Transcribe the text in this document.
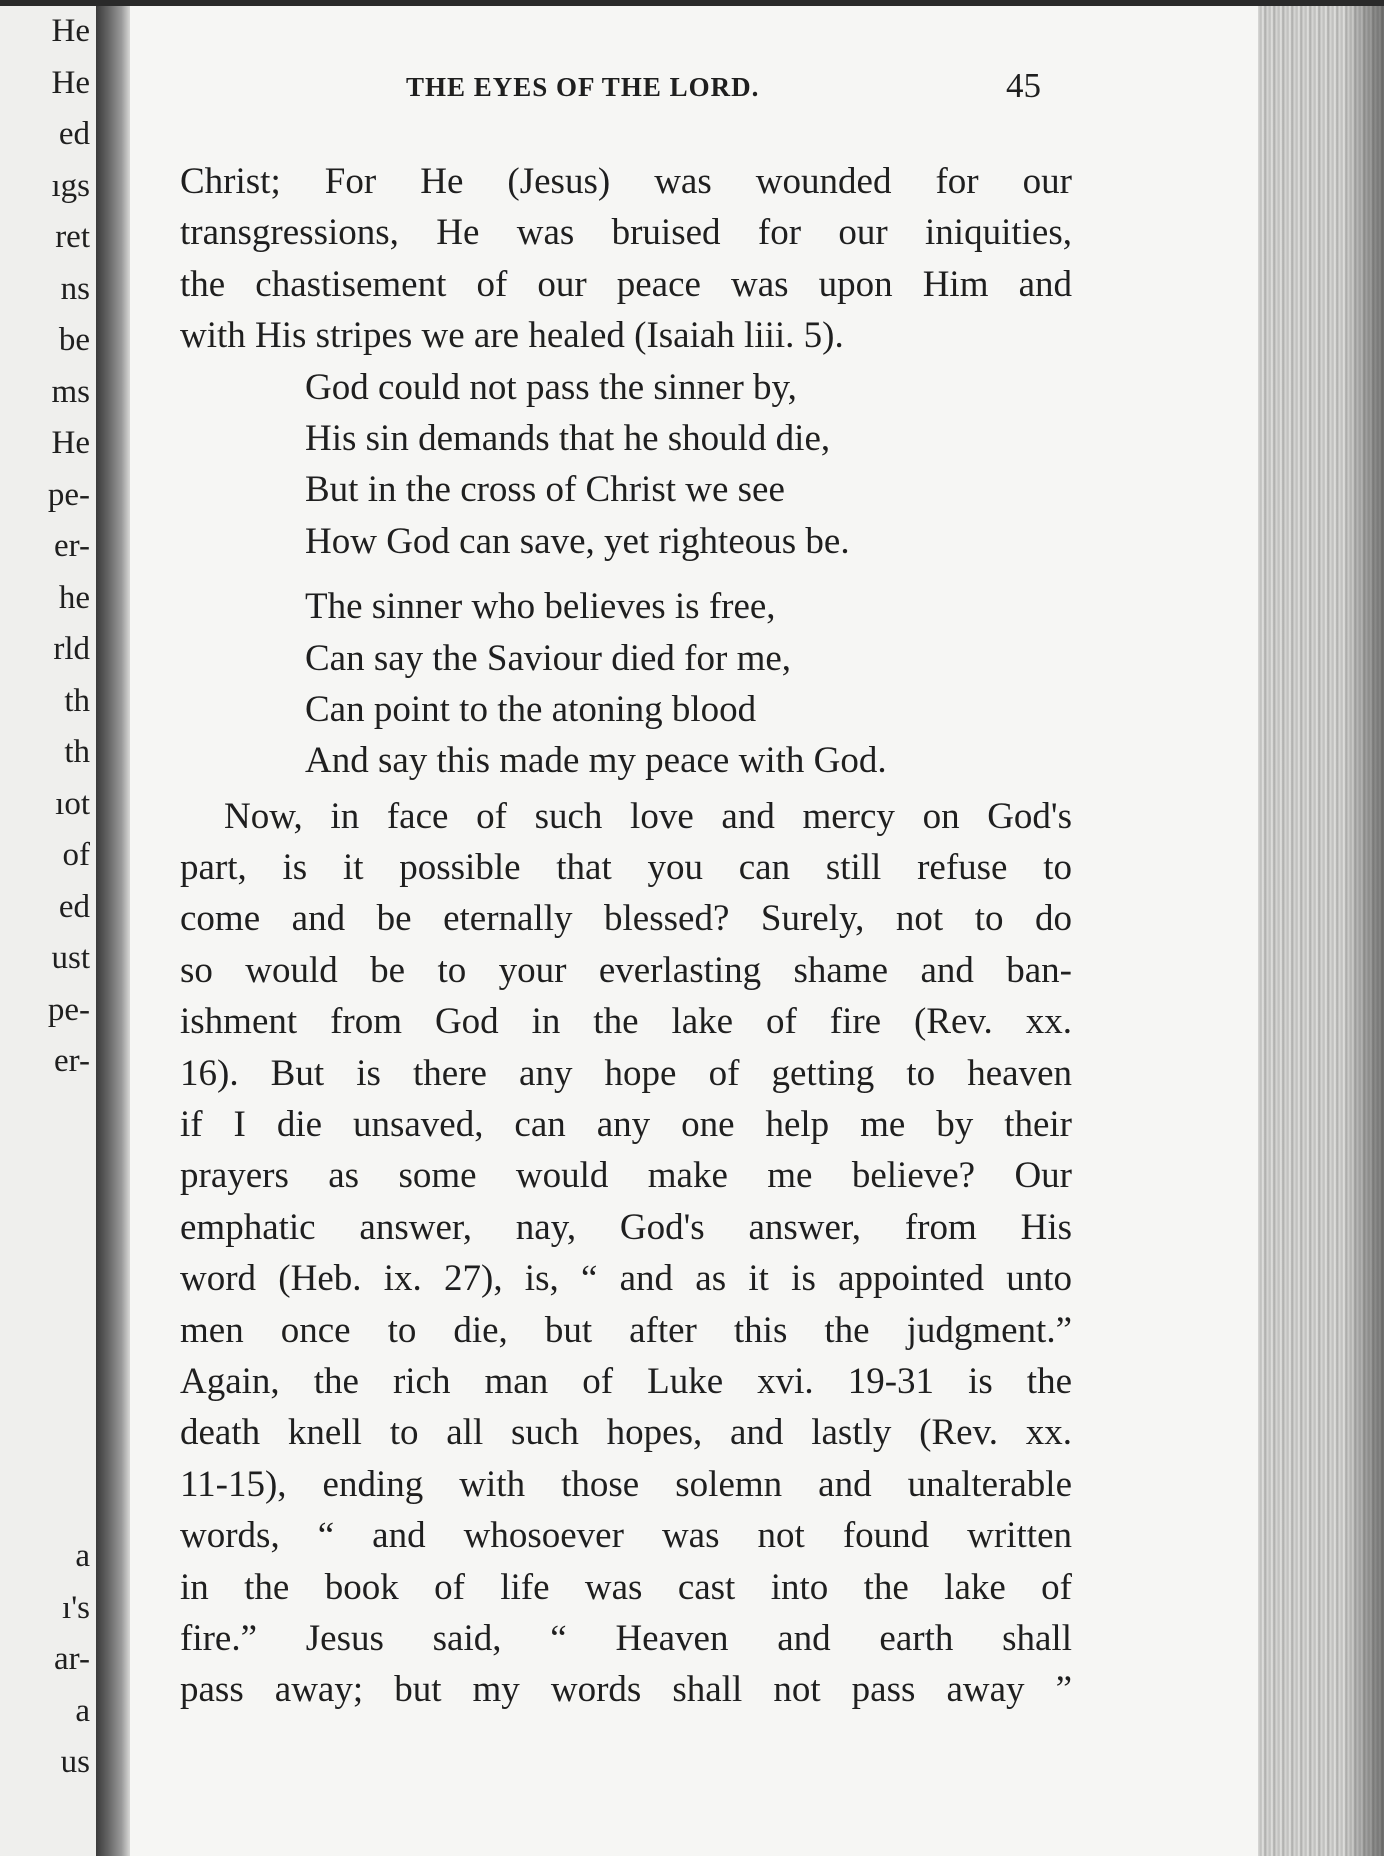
He
He
ed
ıgs
ret
ns
be
ms
He
pe-
er-
he
rld
th
th
ıot
of
ed
ust
pe-
er-
a
ı's
ar-
a
us
THE EYES OF THE LORD.	45
Christ; For He (Jesus) was wounded for our
transgressions, He was bruised for our iniquities,
the chastisement of our peace was upon Him and
with His stripes we are healed (Isaiah liii. 5).
God could not pass the sinner by,
His sin demands that he should die,
But in the cross of Christ we see
How God can save, yet righteous be.
The sinner who believes is free,
Can say the Saviour died for me,
Can point to the atoning blood
And say this made my peace with God.
Now, in face of such love and mercy on God's
part, is it possible that you can still refuse to
come and be eternally blessed? Surely, not to do
so would be to your everlasting shame and ban-
ishment from God in the lake of fire (Rev. xx.
16). But is there any hope of getting to heaven
if I die unsaved, can any one help me by their
prayers as some would make me believe? Our
emphatic answer, nay, God's answer, from His
word (Heb. ix. 27), is, “ and as it is appointed unto
men once to die, but after this the judgment.”
Again, the rich man of Luke xvi. 19-31 is the
death knell to all such hopes, and lastly (Rev. xx.
11-15), ending with those solemn and unalterable
words, “ and whosoever was not found written
in the book of life was cast into the lake of
fire.” Jesus said, “ Heaven and earth shall
pass away; but my words shall not pass away ”
